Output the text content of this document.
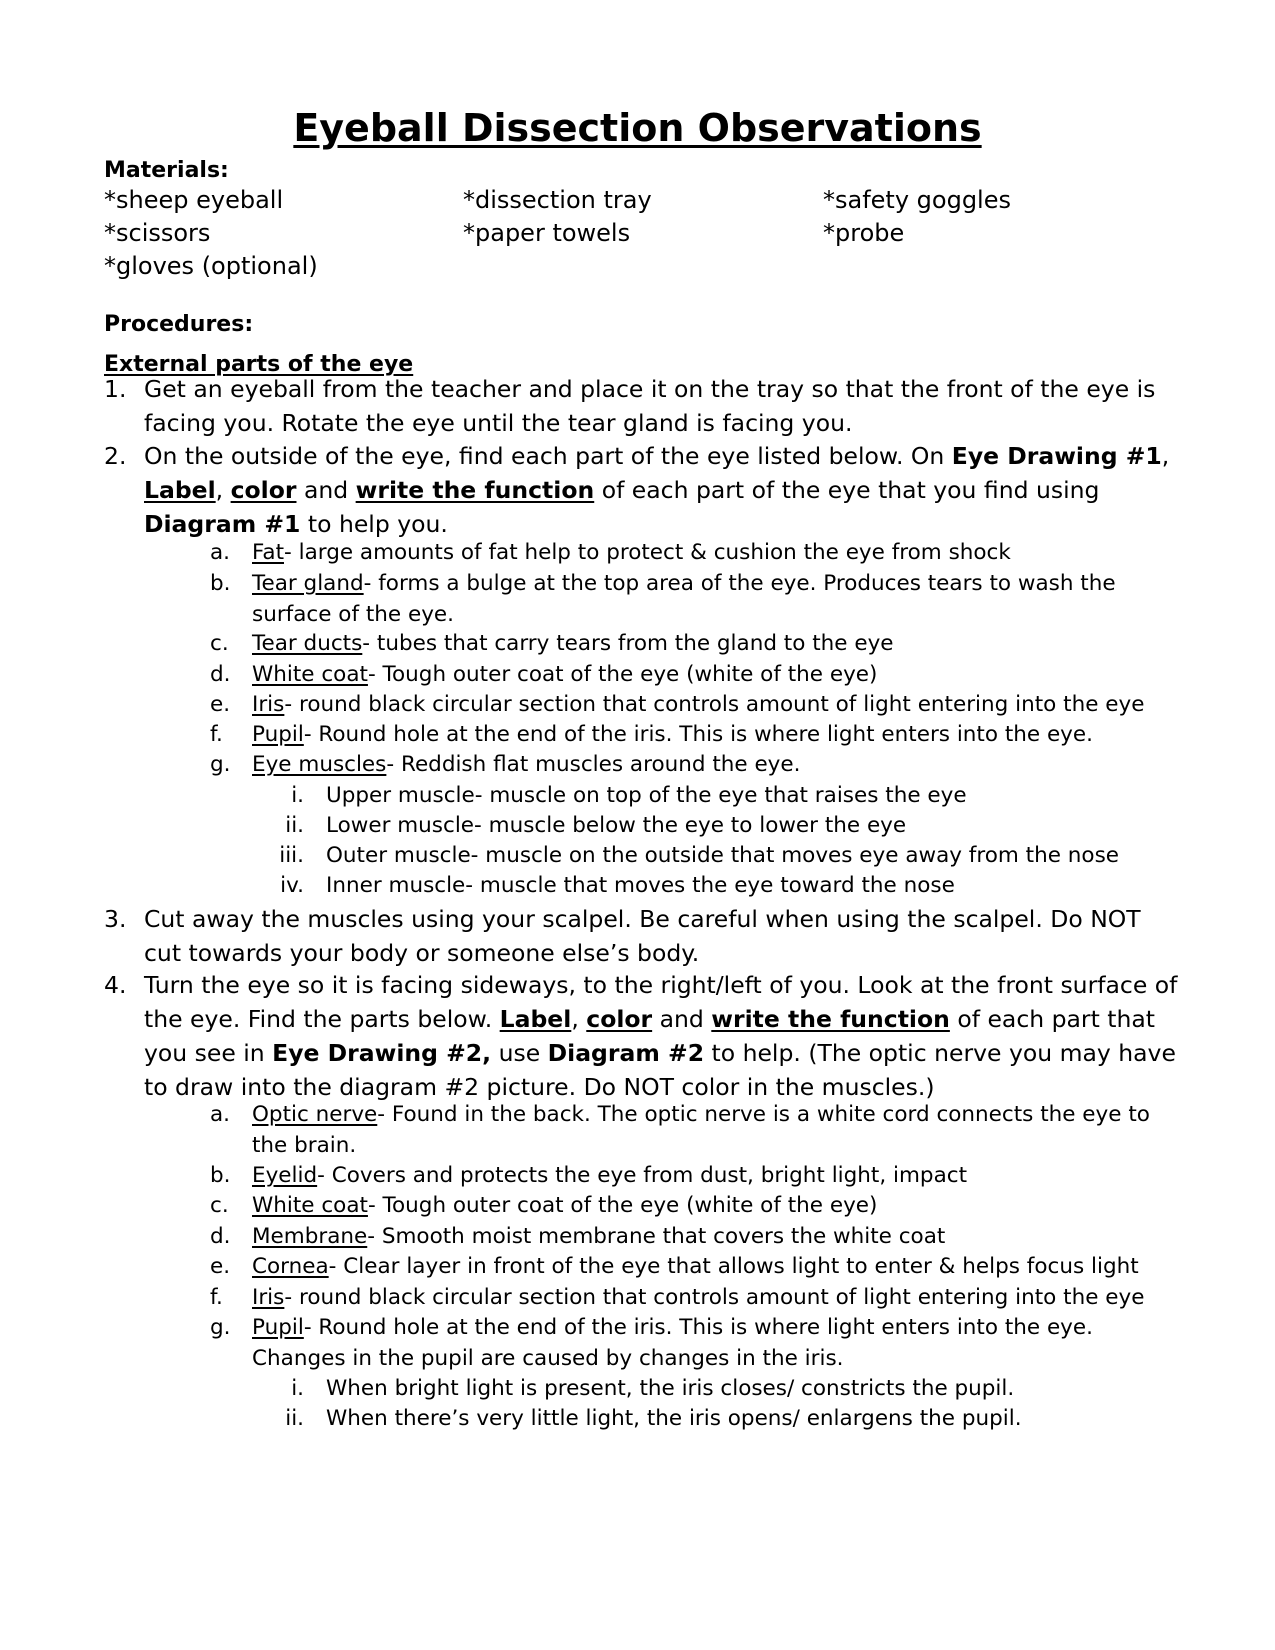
Eyeball Dissection Observations
Materials:
*sheep eyeball	*dissection tray	*safety goggles
*scissors	*paper towels	*probe
*gloves (optional)
Procedures:
External parts of the eye
1. Get an eyeball from the teacher and place it on the tray so that the front of the eye is facing you. Rotate the eye until the tear gland is facing you.
2. On the outside of the eye, find each part of the eye listed below. On Eye Drawing #1, Label, color and write the function of each part of the eye that you find using Diagram #1 to help you.
a. Fat- large amounts of fat help to protect & cushion the eye from shock
b. Tear gland- forms a bulge at the top area of the eye. Produces tears to wash the surface of the eye.
c. Tear ducts- tubes that carry tears from the gland to the eye
d. White coat- Tough outer coat of the eye (white of the eye)
e. Iris- round black circular section that controls amount of light entering into the eye
f.	Pupil- Round hole at the end of the iris. This is where light enters into the eye.
g. Eye muscles- Reddish flat muscles around the eye.
i. Upper muscle- muscle on top of the eye that raises the eye
ii. Lower muscle- muscle below the eye to lower the eye
iii. Outer muscle- muscle on the outside that moves eye away from the nose
iv. Inner muscle- muscle that moves the eye toward the nose
3. Cut away the muscles using your scalpel. Be careful when using the scalpel. Do NOT cut towards your body or someone else’s body.
4. Turn the eye so it is facing sideways, to the right/left of you. Look at the front surface of the eye. Find the parts below. Label, color and write the function of each part that you see in Eye Drawing #2, use Diagram #2 to help. (The optic nerve you may have to draw into the diagram #2 picture. Do NOT color in the muscles.)
a. Optic nerve- Found in the back. The optic nerve is a white cord connects the eye to the brain.
b. Eyelid- Covers and protects the eye from dust, bright light, impact
c. White coat- Tough outer coat of the eye (white of the eye)
d. Membrane- Smooth moist membrane that covers the white coat
e. Cornea- Clear layer in front of the eye that allows light to enter & helps focus light
f.	Iris- round black circular section that controls amount of light entering into the eye
g. Pupil- Round hole at the end of the iris. This is where light enters into the eye. Changes in the pupil are caused by changes in the iris.
i. When bright light is present, the iris closes/ constricts the pupil.
ii. When there’s very little light, the iris opens/ enlargens the pupil.
